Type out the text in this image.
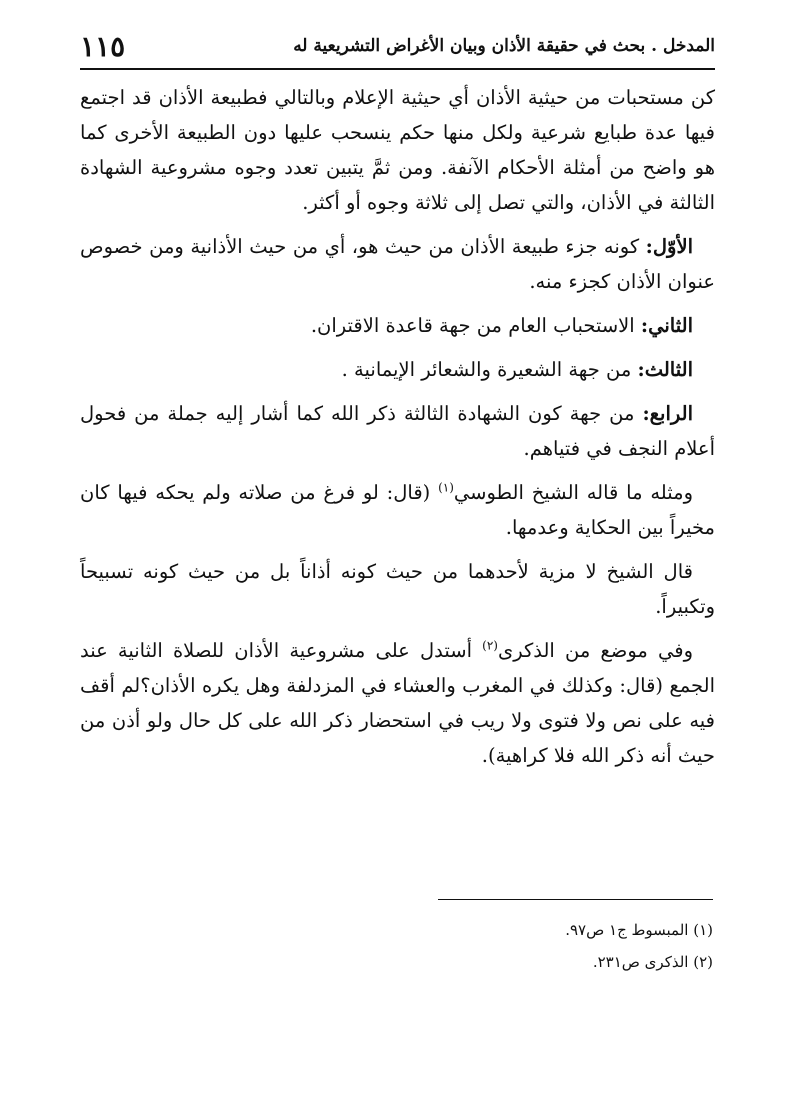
المدخل . بحث في حقيقة الأذان وبيان الأغراض التشريعية له
١١٥

كن مستحبات من حيثية الأذان أي حيثية الإعلام وبالتالي فطبيعة الأذان قد اجتمع فيها عدة طبايع شرعية ولكل منها حكم ينسحب عليها دون الطبيعة الأخرى كما هو واضح من أمثلة الأحكام الآنفة. ومن ثمَّ يتبين تعدد وجوه مشروعية الشهادة الثالثة في الأذان، والتي تصل إلى ثلاثة وجوه أو أكثر.

الأوّل: كونه جزء طبيعة الأذان من حيث هو، أي من حيث الأذانية ومن خصوص عنوان الأذان كجزء منه.

الثاني: الاستحباب العام من جهة قاعدة الاقتران.

الثالث: من جهة الشعيرة والشعائر الإيمانية .

الرابع: من جهة كون الشهادة الثالثة ذكر الله كما أشار إليه جملة من فحول أعلام النجف في فتياهم.

ومثله ما قاله الشيخ الطوسي$^{(١)}$ (قال: لو فرغ من صلاته ولم يحكه فيها كان مخيراً بين الحكاية وعدمها.

قال الشيخ لا مزية لأحدهما من حيث كونه أذاناً بل من حيث كونه تسبيحاً وتكبيراً.

وفي موضع من الذكرى$^{(٢)}$ أستدل على مشروعية الأذان للصلاة الثانية عند الجمع (قال: وكذلك في المغرب والعشاء في المزدلفة وهل يكره الأذان؟لم أقف فيه على نص ولا فتوى ولا ريب في استحضار ذكر الله على كل حال ولو أذن من حيث أنه ذكر الله فلا كراهية).

(١) المبسوط ج١ ص٩٧.
(٢) الذكرى ص٢٣١.
